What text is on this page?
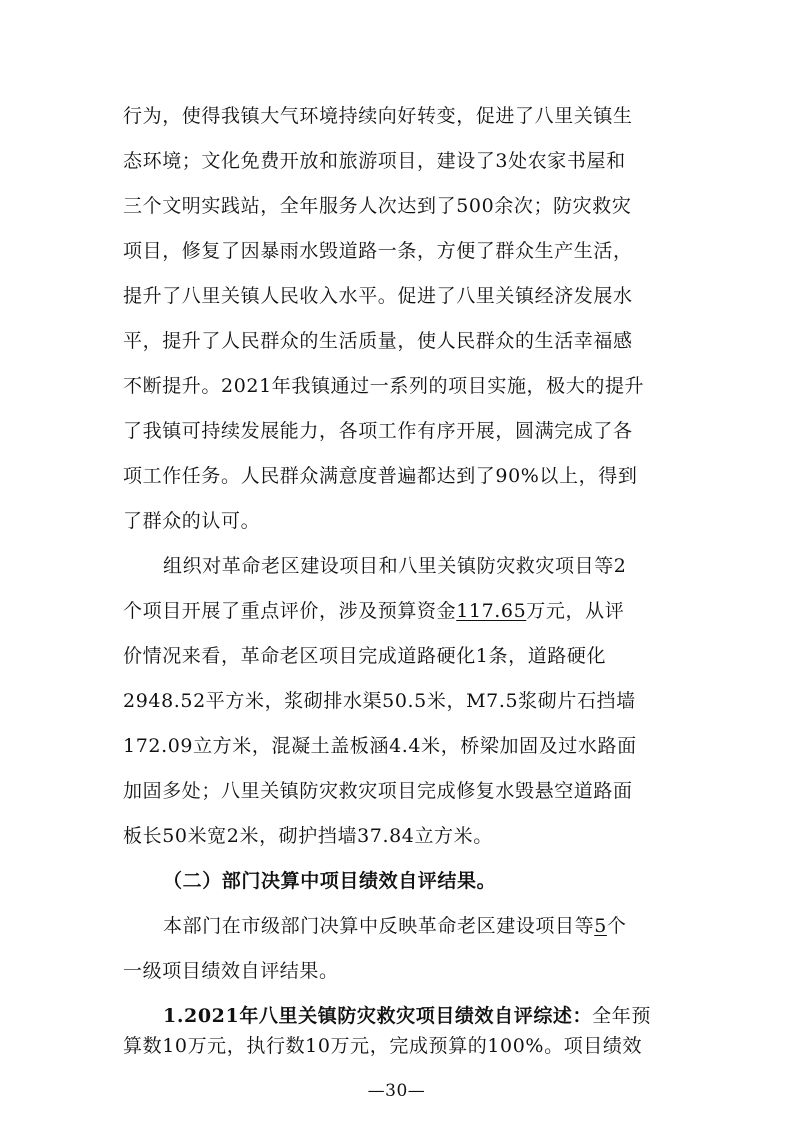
行为，使得我镇大气环境持续向好转变，促进了八里关镇生
态环境；文化免费开放和旅游项目，建设了3处农家书屋和
三个文明实践站，全年服务人次达到了500余次；防灾救灾
项目，修复了因暴雨水毁道路一条，方便了群众生产生活，
提升了八里关镇人民收入水平。促进了八里关镇经济发展水
平，提升了人民群众的生活质量，使人民群众的生活幸福感
不断提升。2021年我镇通过一系列的项目实施，极大的提升
了我镇可持续发展能力，各项工作有序开展，圆满完成了各
项工作任务。人民群众满意度普遍都达到了90%以上，得到
了群众的认可。
组织对革命老区建设项目和八里关镇防灾救灾项目等2
个项目开展了重点评价，涉及预算资金117.65万元，从评
价情况来看，革命老区项目完成道路硬化1条，道路硬化
2948.52平方米，浆砌排水渠50.5米，M7.5浆砌片石挡墙
172.09立方米，混凝土盖板涵4.4米，桥梁加固及过水路面
加固多处；八里关镇防灾救灾项目完成修复水毁悬空道路面
板长50米宽2米，砌护挡墙37.84立方米。
（二）部门决算中项目绩效自评结果。
本部门在市级部门决算中反映革命老区建设项目等5个
一级项目绩效自评结果。
1.2021年八里关镇防灾救灾项目绩效自评综述：全年预
算数10万元，执行数10万元，完成预算的100%。项目绩效
—30—
